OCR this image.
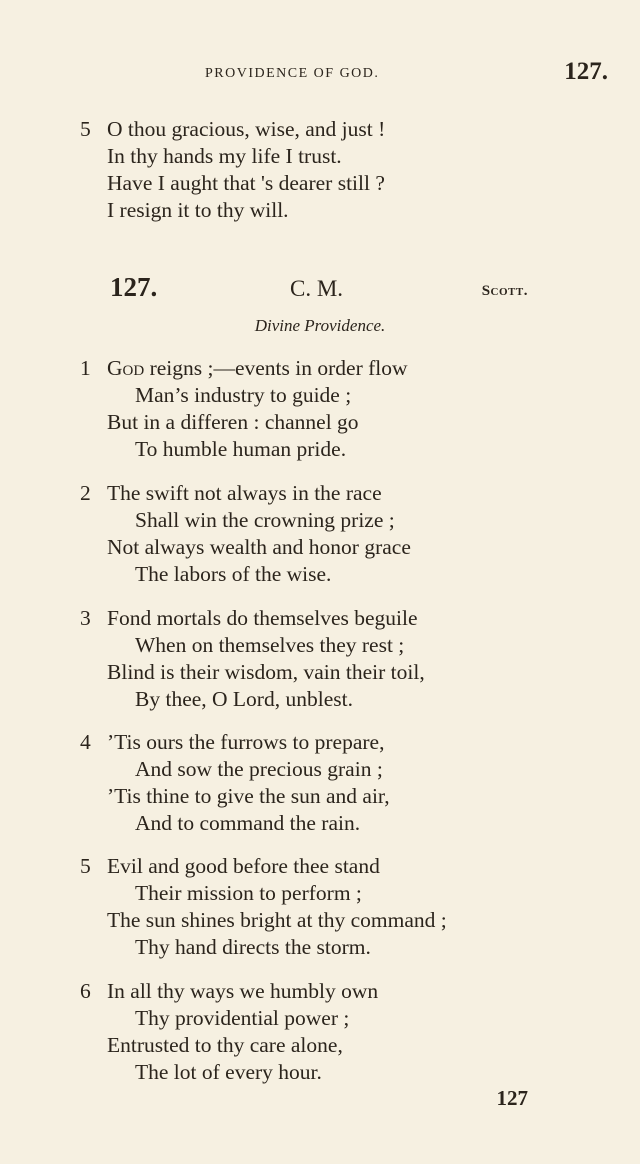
PROVIDENCE OF GOD.	127.
5 O thou gracious, wise, and just !
In thy hands my life I trust.
Have I aught that 's dearer still ?
I resign it to thy will.
127.	C. M.	Scott.
Divine Providence.
1 God reigns ;—events in order flow
Man’s industry to guide ;
But in a differen : channel go
To humble human pride.
2 The swift not always in the race
Shall win the crowning prize ;
Not always wealth and honor grace
The labors of the wise.
3 Fond mortals do themselves beguile
When on themselves they rest ;
Blind is their wisdom, vain their toil,
By thee, O Lord, unblest.
4 ’Tis ours the furrows to prepare,
And sow the precious grain ;
’Tis thine to give the sun and air,
And to command the rain.
5 Evil and good before thee stand
Their mission to perform ;
The sun shines bright at thy command ;
Thy hand directs the storm.
6 In all thy ways we humbly own
Thy providential power ;
Entrusted to thy care alone,
The lot of every hour.
127
